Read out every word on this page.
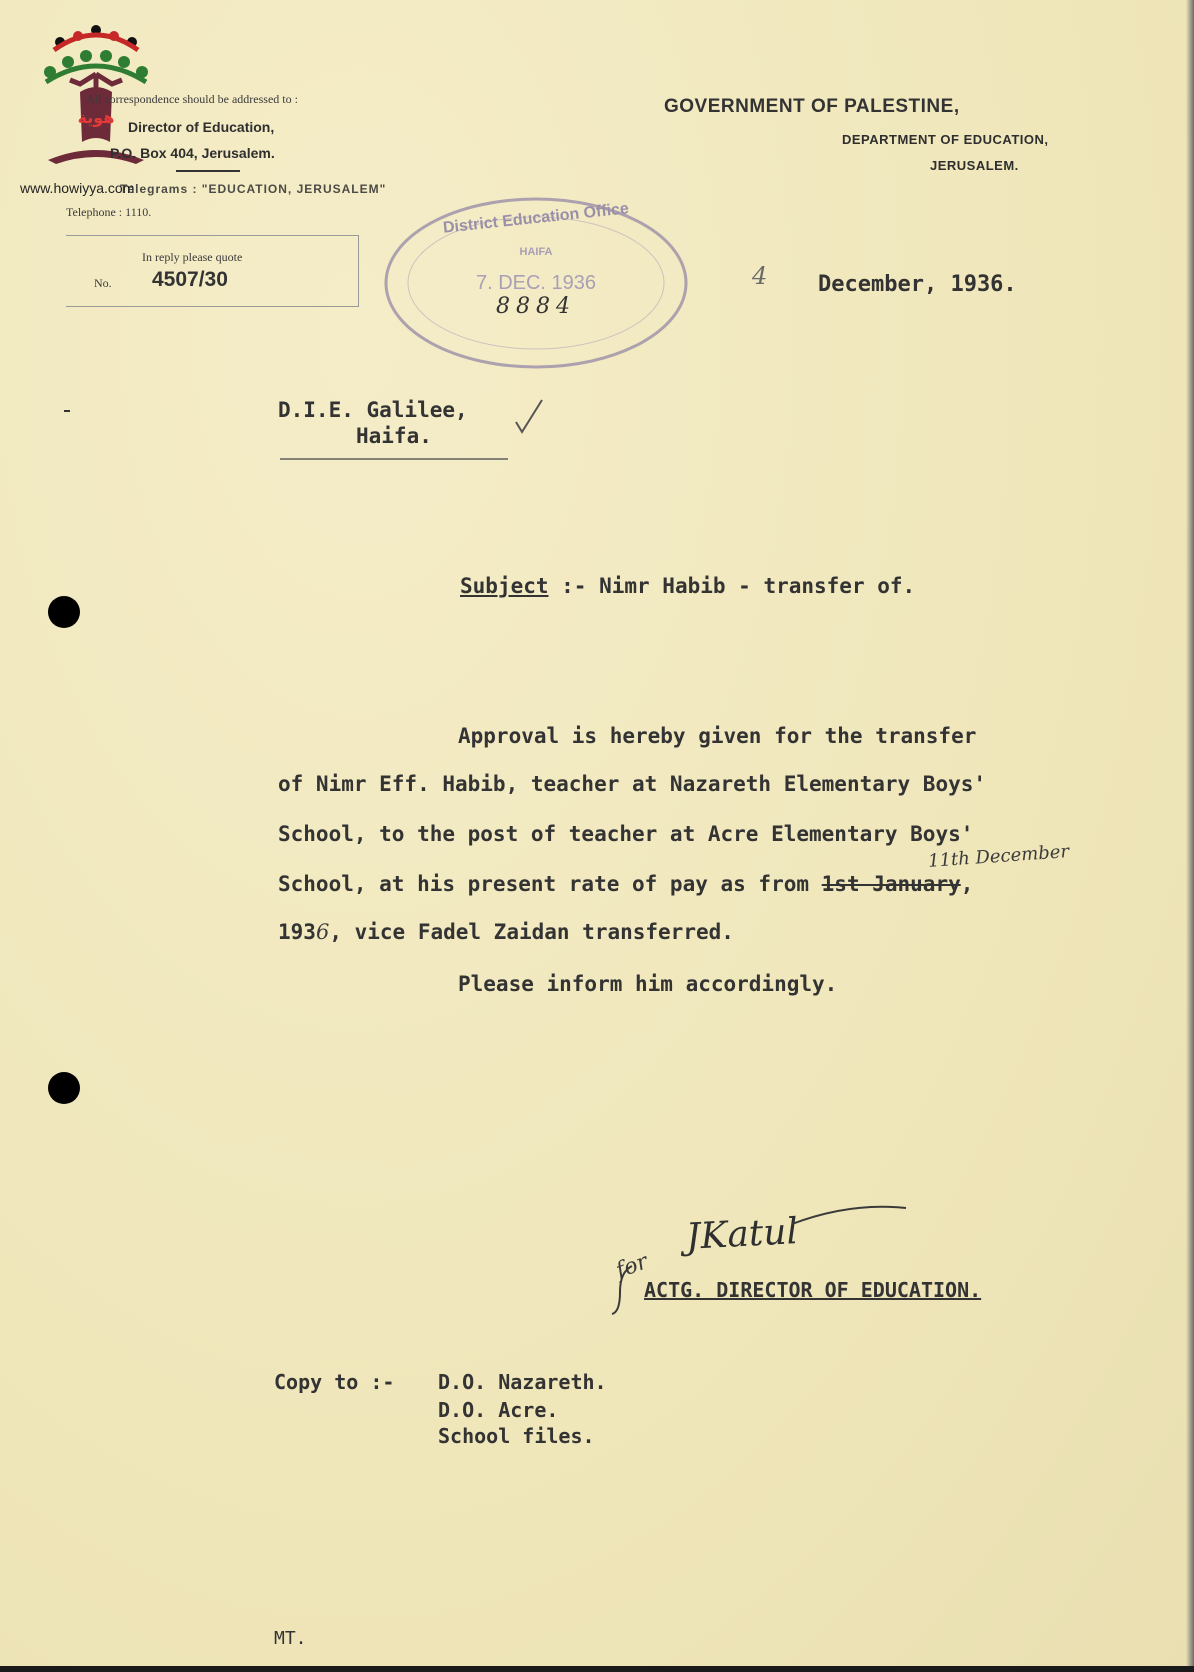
هوية
All correspondence should be addressed to :
Director of Education,
P.O. Box 404, Jerusalem.
www.howiyya.com
Telegrams : "EDUCATION, JERUSALEM"
Telephone : 1110.
In reply please quote
No. 4507/30
GOVERNMENT OF PALESTINE,
DEPARTMENT OF EDUCATION,
JERUSALEM.
District Education Office
HAIFA
7. DEC. 1936
8884
4 December, 1936.
D.I.E. Galilee,
Haifa.
Subject :- Nimr Habib - transfer of.
Approval is hereby given for the transfer
of Nimr Eff. Habib, teacher at Nazareth Elementary Boys'
School, to the post of teacher at Acre Elementary Boys'
11th December
School, at his present rate of pay as from 1st January,
1936, vice Fadel Zaidan transferred.
Please inform him accordingly.
JKatul
for
ACTG. DIRECTOR OF EDUCATION.
Copy to :- D.O. Nazareth.
D.O. Acre.
School files.
MT.
